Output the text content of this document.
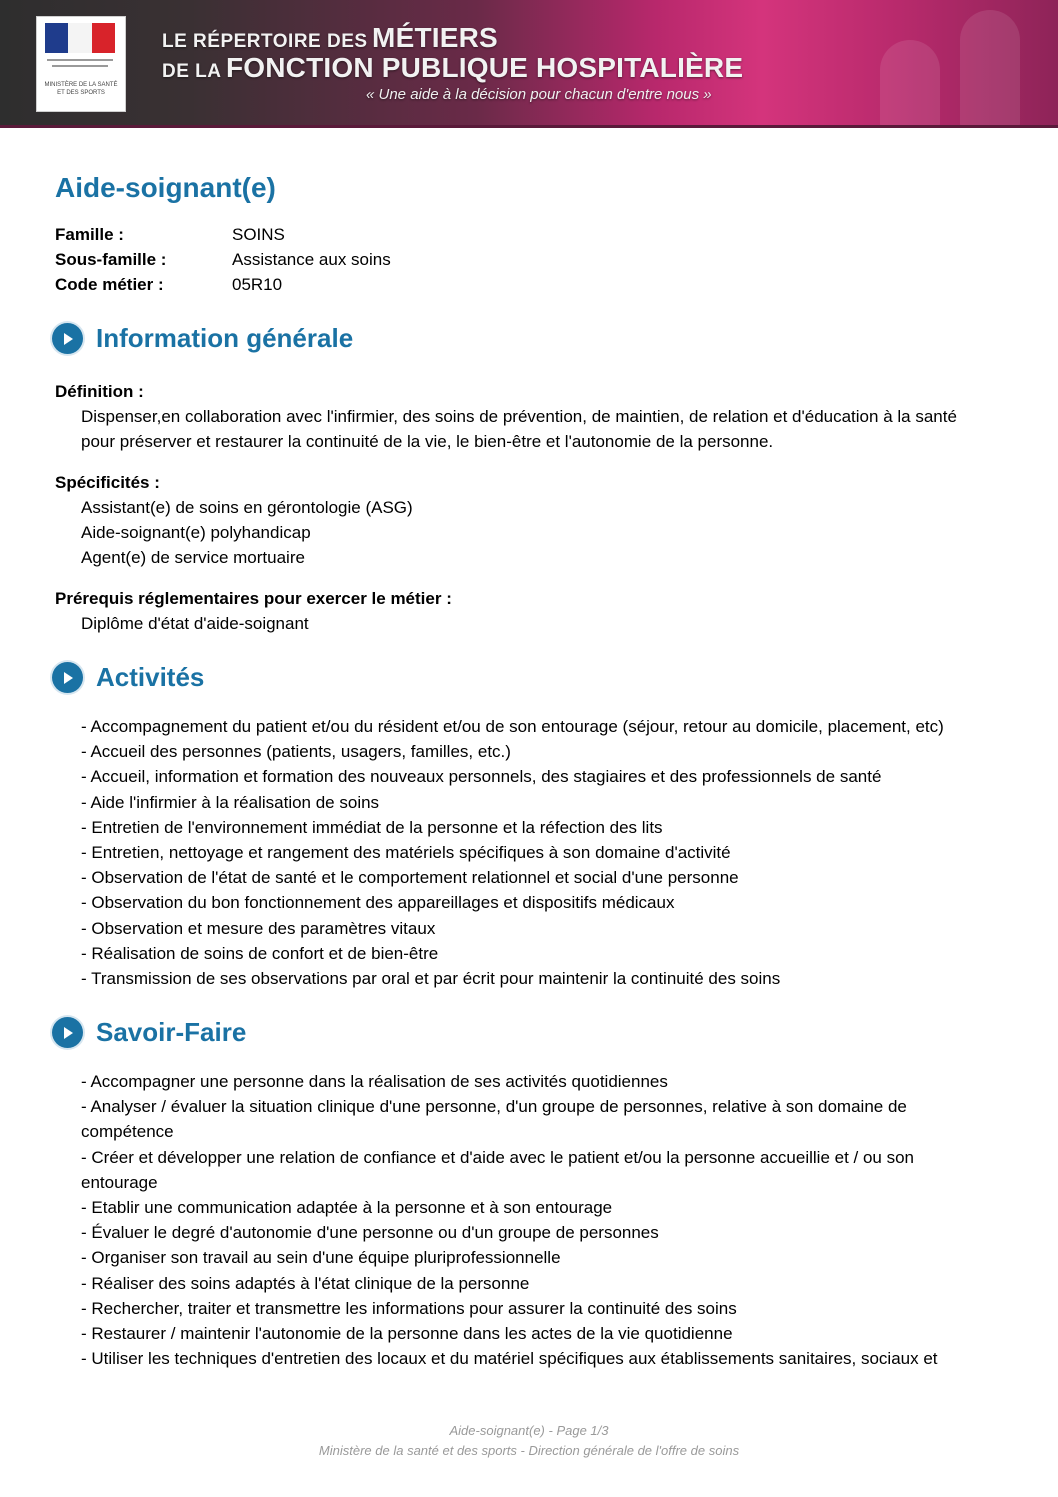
MINISTÈRE DE LA SANTÉ ET DES SPORTS
LE RÉPERTOIRE DES MÉTIERS
DE LA FONCTION PUBLIQUE HOSPITALIÈRE
« Une aide à la décision pour chacun d'entre nous »
Aide-soignant(e)
Famille :	SOINS
Sous-famille :	Assistance aux soins
Code métier :	05R10
Information générale
Définition :
Dispenser,en collaboration avec l'infirmier, des soins de prévention, de maintien, de relation et d'éducation à la santé
pour préserver et restaurer la continuité de la vie, le bien-être et l'autonomie de la personne.
Spécificités :
Assistant(e) de soins en gérontologie (ASG)
Aide-soignant(e) polyhandicap
Agent(e) de service mortuaire
Prérequis réglementaires pour exercer le métier :
Diplôme d'état d'aide-soignant
Activités
- Accompagnement du patient et/ou du résident et/ou de son entourage (séjour, retour au domicile, placement, etc)
- Accueil des personnes (patients, usagers, familles, etc.)
- Accueil, information et formation des nouveaux personnels, des stagiaires et des professionnels de santé
- Aide l'infirmier à la réalisation de soins
- Entretien de l'environnement immédiat de la personne et la réfection des lits
- Entretien, nettoyage et rangement des matériels spécifiques à son domaine d'activité
- Observation de l'état de santé et le comportement relationnel et social d'une personne
- Observation du bon fonctionnement des appareillages et dispositifs médicaux
- Observation et mesure des paramètres vitaux
- Réalisation de soins de confort et de bien-être
- Transmission de ses observations par oral et par écrit pour maintenir la continuité des soins
Savoir-Faire
- Accompagner une personne dans la réalisation de ses activités quotidiennes
- Analyser / évaluer la situation clinique d'une personne, d'un groupe de personnes, relative à son domaine de
compétence
- Créer et développer une relation de confiance et d'aide avec le patient et/ou la personne accueillie et / ou son
entourage
- Etablir une communication adaptée à la personne et à son entourage
- Évaluer le degré d'autonomie d'une personne ou d'un groupe de personnes
- Organiser son travail au sein d'une équipe pluriprofessionnelle
- Réaliser des soins adaptés à l'état clinique de la personne
- Rechercher, traiter et transmettre les informations pour assurer la continuité des soins
- Restaurer / maintenir l'autonomie de la personne dans les actes de la vie quotidienne
- Utiliser les techniques d'entretien des locaux et du matériel spécifiques aux établissements sanitaires, sociaux et
Aide-soignant(e) - Page 1/3
Ministère de la santé et des sports - Direction générale de l'offre de soins
